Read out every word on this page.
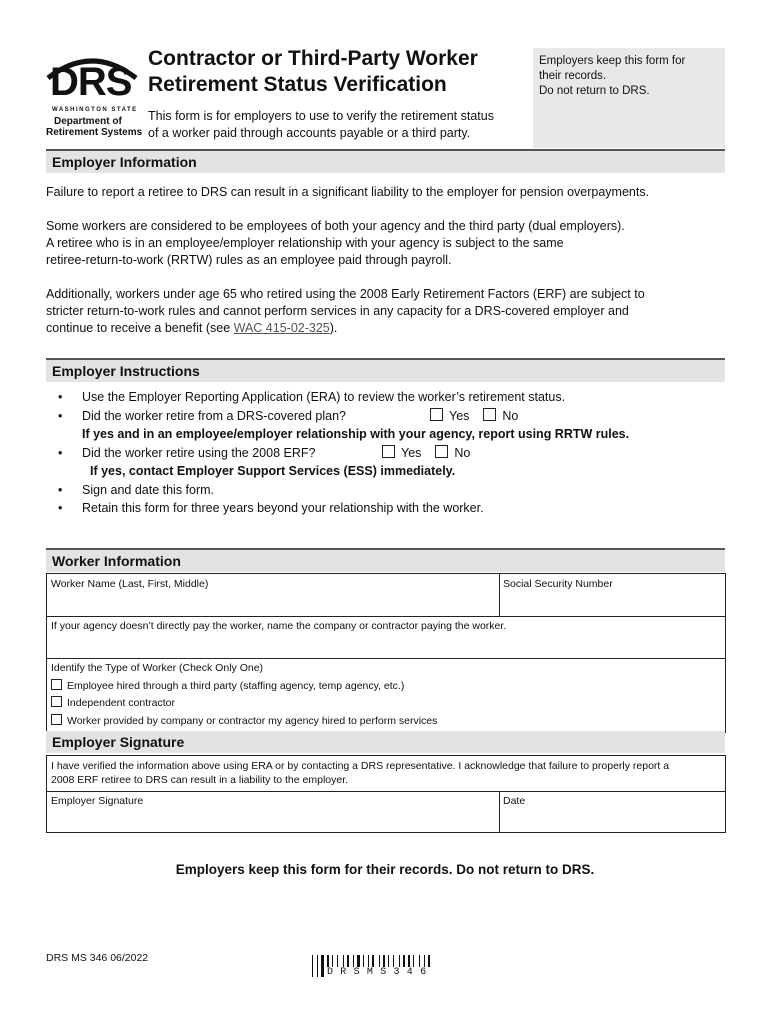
DRS
WASHINGTON STATE
Department of
Retirement Systems
Contractor or Third-Party Worker
Retirement Status Verification
This form is for employers to use to verify the retirement status
of a worker paid through accounts payable or a third party.
Employers keep this form for
their records.
Do not return to DRS.
Employer Information
Failure to report a retiree to DRS can result in a significant liability to the employer for pension overpayments.
Some workers are considered to be employees of both your agency and the third party (dual employers).
A retiree who is in an employee/employer relationship with your agency is subject to the same
retiree-return-to-work (RRTW) rules as an employee paid through payroll.
Additionally, workers under age 65 who retired using the 2008 Early Retirement Factors (ERF) are subject to
stricter return-to-work rules and cannot perform services in any capacity for a DRS-covered employer and
continue to receive a benefit (see WAC 415-02-325).
Employer Instructions
• Use the Employer Reporting Application (ERA) to review the worker’s retirement status.
• Did the worker retire from a DRS-covered plan?	Yes	No
If yes and in an employee/employer relationship with your agency, report using RRTW rules.
• Did the worker retire using the 2008 ERF?	Yes	No
If yes, contact Employer Support Services (ESS) immediately.
• Sign and date this form.
• Retain this form for three years beyond your relationship with the worker.
Worker Information
Worker Name (Last, First, Middle)	Social Security Number
If your agency doesn’t directly pay the worker, name the company or contractor paying the worker.
Identify the Type of Worker (Check Only One)
Employee hired through a third party (staffing agency, temp agency, etc.)
Independent contractor
Worker provided by company or contractor my agency hired to perform services
Employer Signature
I have verified the information above using ERA or by contacting a DRS representative. I acknowledge that failure to properly report a
2008 ERF retiree to DRS can result in a liability to the employer.
Employer Signature	Date
Employers keep this form for their records. Do not return to DRS.
DRS MS 346 06/2022
DRSMS346
